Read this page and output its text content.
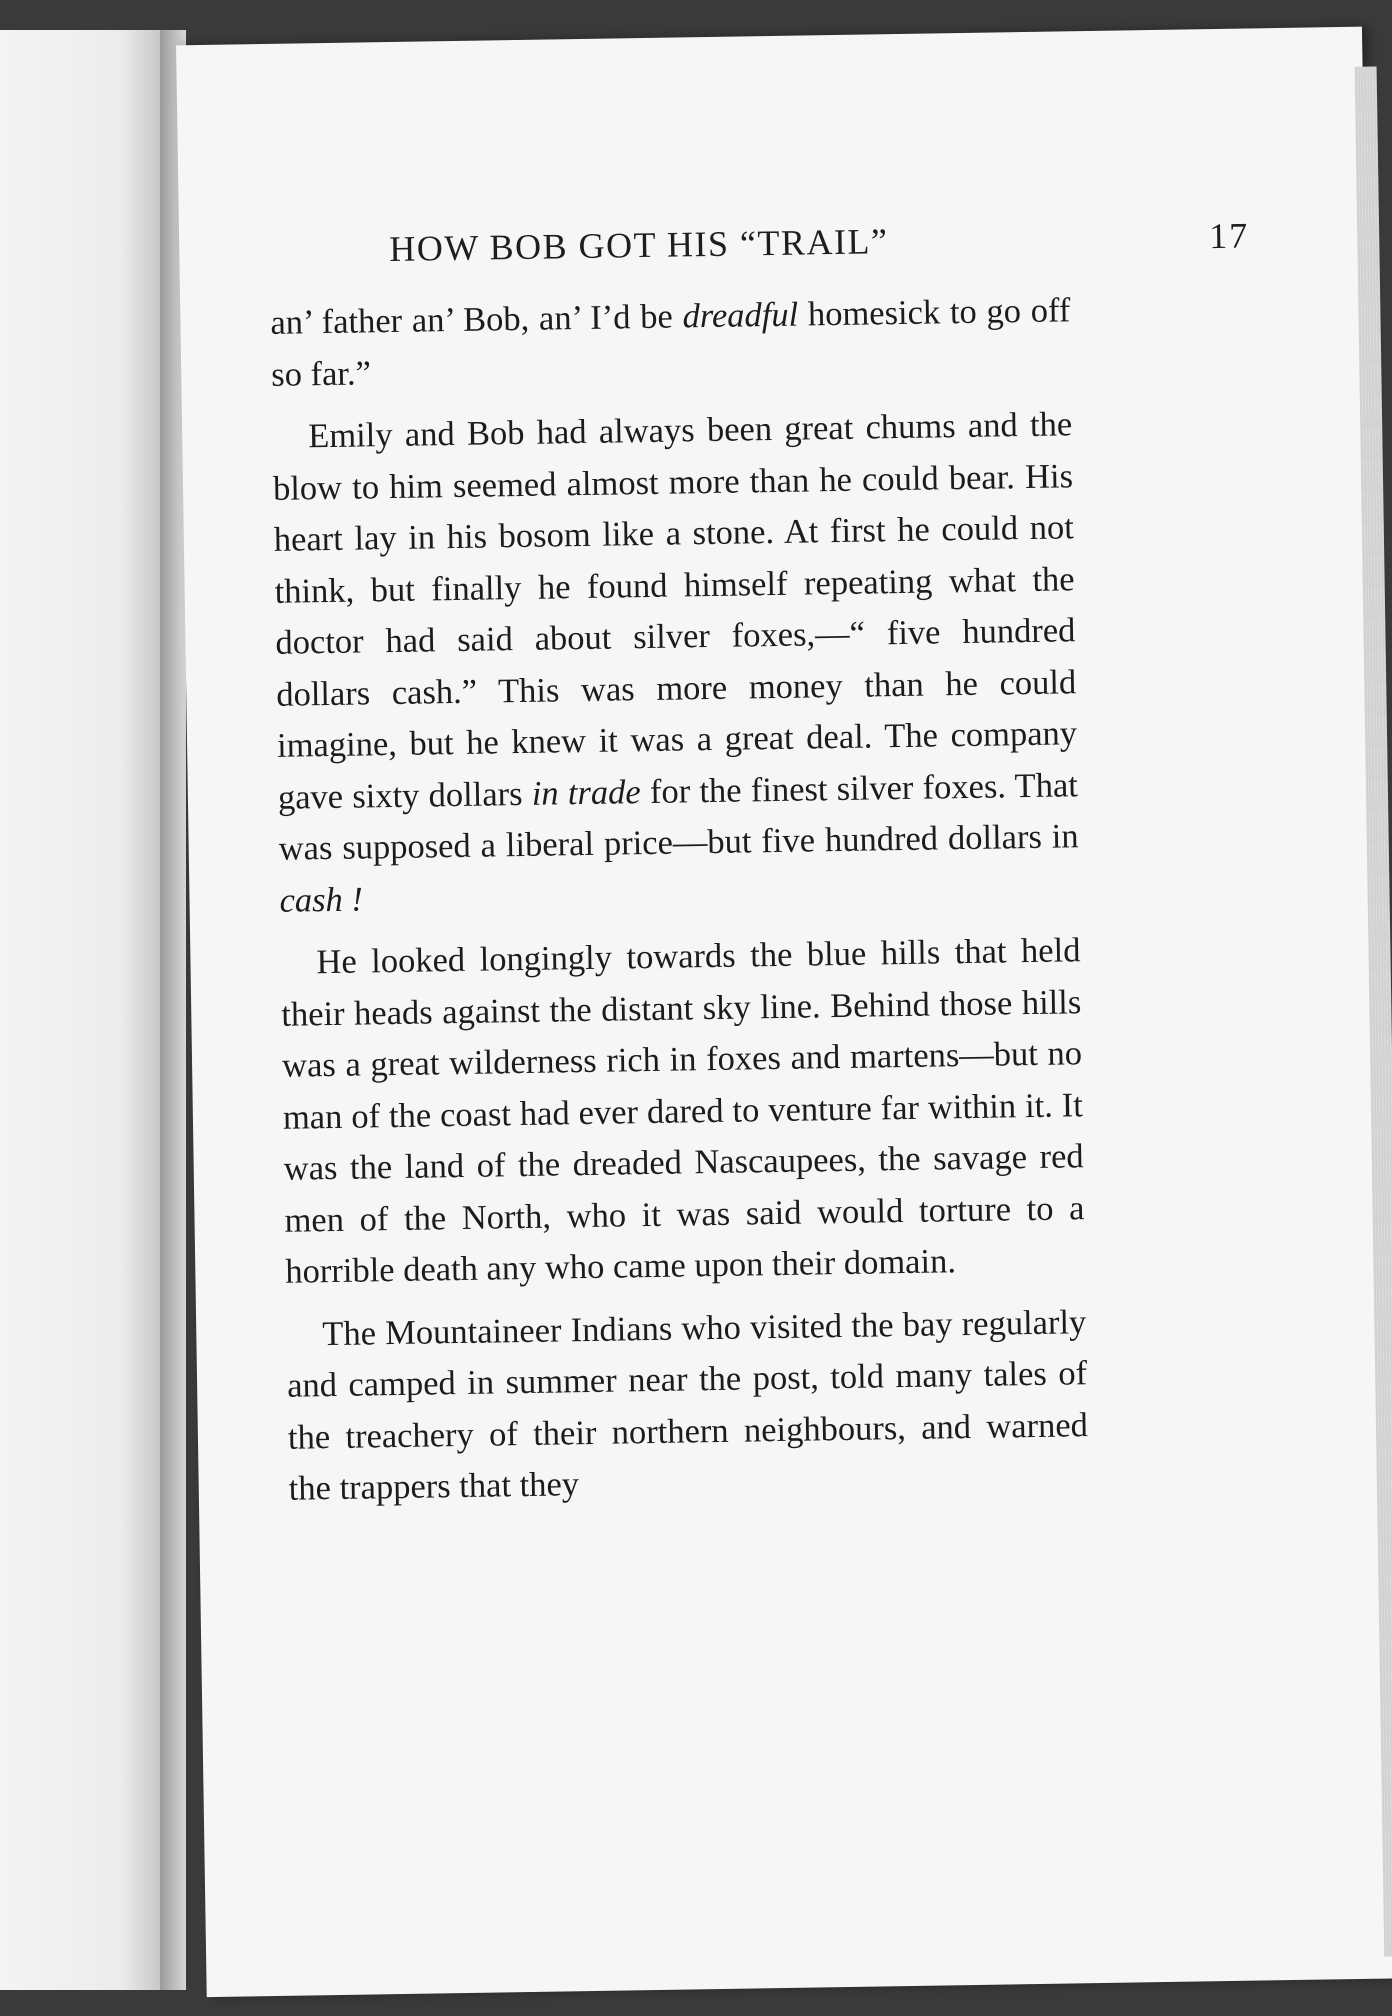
HOW BOB GOT HIS “TRAIL”	17

an’ father an’ Bob, an’ I’d be dreadful homesick to go off so far.”

Emily and Bob had always been great chums and the blow to him seemed almost more than he could bear. His heart lay in his bosom like a stone. At first he could not think, but finally he found himself repeating what the doctor had said about silver foxes,—“ five hundred dollars cash.” This was more money than he could imagine, but he knew it was a great deal. The company gave sixty dollars in trade for the finest silver foxes. That was supposed a liberal price—but five hundred dollars in cash !

He looked longingly towards the blue hills that held their heads against the distant sky line. Behind those hills was a great wilderness rich in foxes and martens—but no man of the coast had ever dared to venture far within it. It was the land of the dreaded Nascaupees, the savage red men of the North, who it was said would torture to a horrible death any who came upon their domain.

The Mountaineer Indians who visited the bay regularly and camped in summer near the post, told many tales of the treachery of their northern neighbours, and warned the trappers that they
